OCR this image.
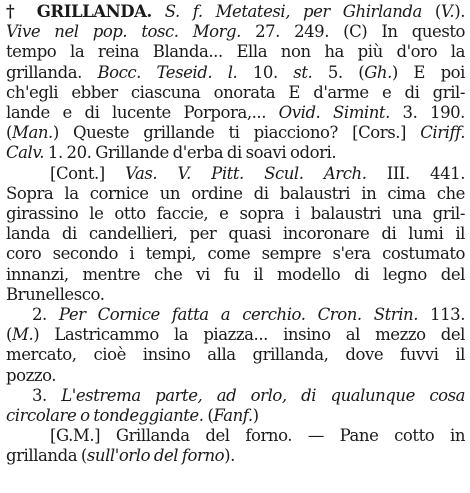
† GRILLANDA. S. f. Metatesi, per Ghirlanda (V.).
Vive nel pop. tosc. Morg. 27. 249. (C) In questo
tempo la reina Blanda... Ella non ha più d'oro la
grillanda. Bocc. Teseid. l. 10. st. 5. (Gh.) E poi
ch'egli ebber ciascuna onorata E d'arme e di gril-
lande e di lucente Porpora,... Ovid. Simint. 3. 190.
(Man.) Queste grillande ti piacciono? [Cors.] Ciriff.
Calv. 1. 20. Grillande d'erba di soavi odori.
[Cont.] Vas. V. Pitt. Scul. Arch. III. 441.
Sopra la cornice un ordine di balaustri in cima che
girassino le otto faccie, e sopra i balaustri una gril-
landa di candellieri, per quasi incoronare di lumi il
coro secondo i tempi, come sempre s'era costumato
innanzi, mentre che vi fu il modello di legno del
Brunellesco.
2. Per Cornice fatta a cerchio. Cron. Strin. 113.
(M.) Lastricammo la piazza... insino al mezzo del
mercato, cioè insino alla grillanda, dove fuvvi il
pozzo.
3. L'estrema parte, ad orlo, di qualunque cosa
circolare o tondeggiante. (Fanf.)
[G.M.] Grillanda del forno. — Pane cotto in
grillanda (sull'orlo del forno).
